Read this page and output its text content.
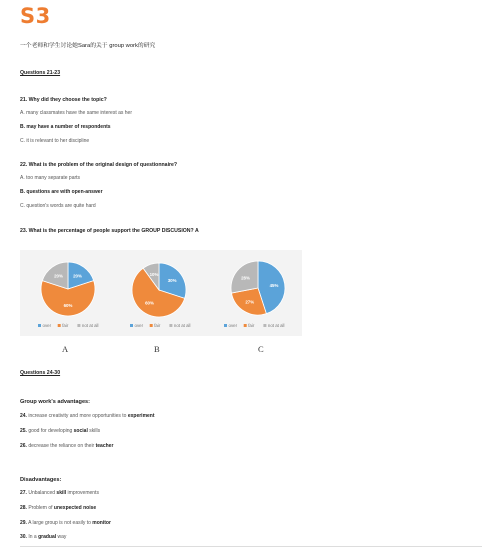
S3
一个老师和学生讨论她Sara的关于 group work的研究
Questions 21-23
21. Why did they choose the topic?
A. many classmates have the same interest as her
B. may have a number of respondents
C. it is relevant to her discipline
22. What is the problem of the original design of questionnaire?
A. too many separate parts
B. questions are with open-answer
C. question's words are quite hard
23. What is the percentage of people support the GROUP DISCUSION? A
20%
60%
20%
over	fair	not at all
30%
60%
10%
over	fair	not at all
45%
27%
28%
over	fair	not at all
A	B	C
Questions 24-30
Group work's advantages:
24. increase creativity and more opportunities to experiment
25. good for developing social skills
26. decrease the reliance on their teacher
Disadvantages:
27. Unbalanced skill improvements
28. Problem of unexpected noise
29. A large group is not easily to monitor
30. In a gradual way
